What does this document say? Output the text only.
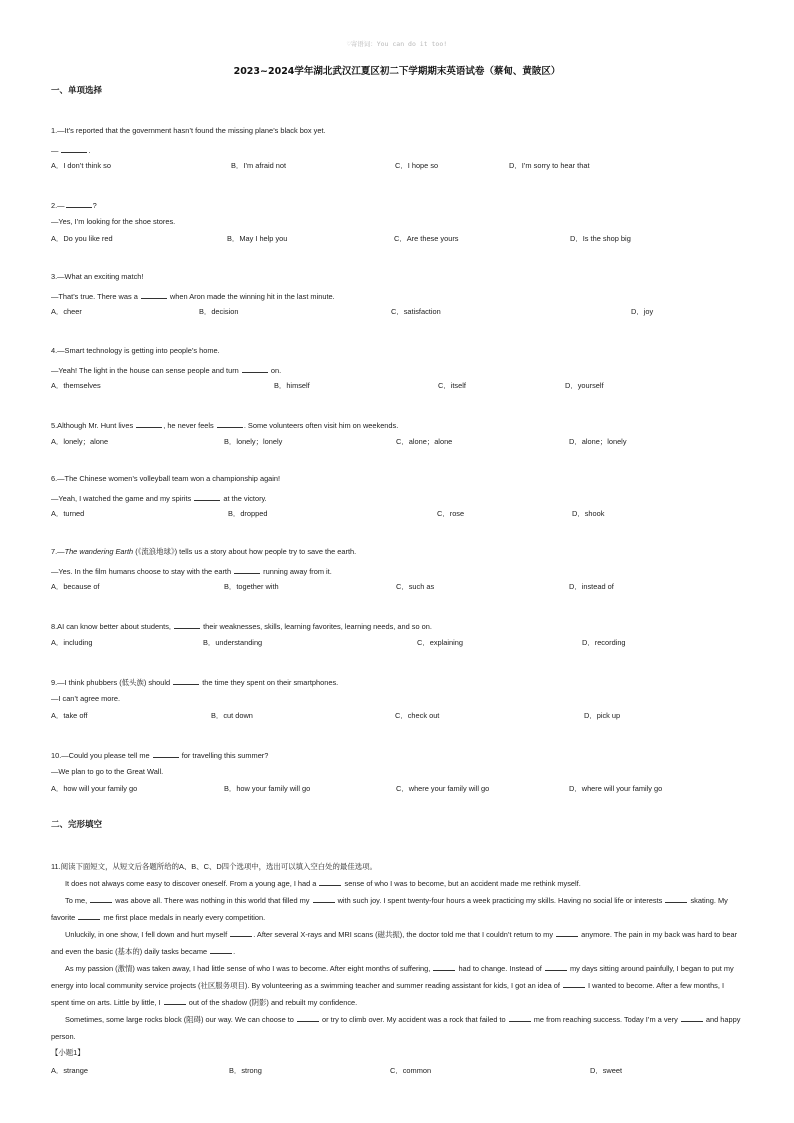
♡寄语词：You can do it too!
2023~2024学年湖北武汉江夏区初二下学期期末英语试卷（蔡甸、黄陂区）
一、单项选择
1.—It’s reported that the government hasn’t found the missing plane’s black box yet.
—	.
A．I don’t think so	B．I’m afraid not	C．I hope so	D．I’m sorry to hear that
2.—	?
—Yes, I’m looking for the shoe stores.
A．Do you like red	B．May I help you	C．Are these yours	D．Is the shop big
3.—What an exciting match!
—That’s true. There was a	when Aron made the winning hit in the last minute.
A．cheer	B．decision	C．satisfaction	D．joy
4.—Smart technology is getting into people’s home.
—Yeah! The light in the house can sense people and turn	on.
A．themselves	B．himself	C．itself	D．yourself
5.Although Mr. Hunt lives	, he never feels	. Some volunteers often visit him on weekends.
A．lonely；alone	B．lonely；lonely	C．alone；alone	D．alone；lonely
6.—The Chinese women’s volleyball team won a championship again!
—Yeah, I watched the game and my spirits	at the victory.
A．turned	B．dropped	C．rose	D．shook
7.—The wandering Earth (《流浪地球》) tells us a story about how people try to save the earth.
—Yes. In the film humans choose to stay with the earth	running away from it.
A．because of	B．together with	C．such as	D．instead of
8.AI can know better about students,	their weaknesses, skills, learning favorites, learning needs, and so on.
A．including	B．understanding	C．explaining	D．recording
9.—I think phubbers (低头族) should	the time they spent on their smartphones.
—I can’t agree more.
A．take off	B．cut down	C．check out	D．pick up
10.—Could you please tell me	for travelling this summer?
—We plan to go to the Great Wall.
A．how will your family go	B．how your family will go	C．where your family will go	D．where will your family go
二、完形填空

11.阅读下面短文，从短文后各题所给的A、B、C、D四个选项中，选出可以填入空白处的最佳选项。

It does not always come easy to discover oneself. From a young age, I had a	sense of who I was to become, but an accident made me rethink myself.

To me,	was above all. There was nothing in this world that filled my	with such joy. I spent twenty-four hours a week practicing my skills. Having no social life or interests	skating. My favorite	me first place medals in nearly every competition.

Unluckily, in one show, I fell down and hurt myself	. After several X-rays and MRI scans (磁共振), the doctor told me that I couldn’t return to my	anymore. The pain in my back was hard to bear and even the basic (基本的) daily tasks became	.

As my passion (激情) was taken away, I had little sense of who I was to become. After eight months of suffering,	had to change. Instead of	my days sitting around painfully, I began to put my energy into local community service projects (社区服务项目). By volunteering as a swimming teacher and summer reading assistant for kids, I got an idea of	I wanted to become. After a few months, I spent time on arts. Little by little, I	out of the shadow (阴影) and rebuilt my confidence.

Sometimes, some large rocks block (阻碍) our way. We can choose to	or try to climb over. My accident was a rock that failed to	me from reaching success. Today I’m a very	and happy person.

【小题1】
A．strange	B．strong	C．common	D．sweet
